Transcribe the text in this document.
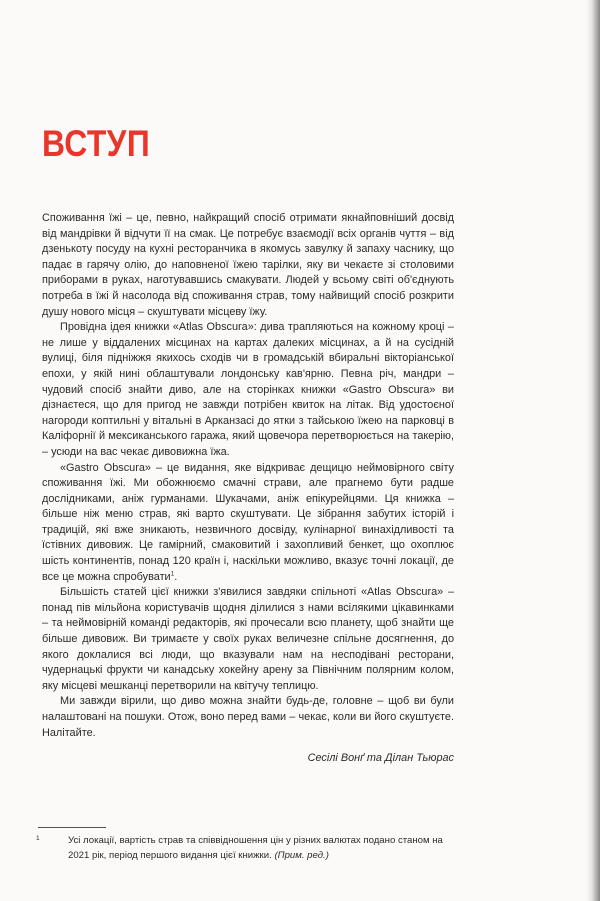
ВСТУП

Споживання їжі – це, певно, найкращий спосіб отримати якнайповніший досвід від мандрівки й відчути її на смак. Це потребує взаємодії всіх органів чуття – від дзенькоту посуду на кухні ресторанчика в якомусь завулку й запаху часнику, що падає в гарячу олію, до наповненої їжею тарілки, яку ви чекаєте зі столовими приборами в руках, наготувавшись смакувати. Людей у всьому світі об'єднують потреба в їжі й насолода від споживання страв, тому найвищий спосіб розкрити душу нового місця – скуштувати місцеву їжу.

Провідна ідея книжки «Atlas Obscura»: дива трапляються на кожному кроці – не лише у віддалених місцинах на картах далеких місцинах, а й на сусідній вулиці, біля підніжжя якихось сходів чи в громадській вбиральні вікторіанської епохи, у якій нині облаштували лондонську кав'ярню. Певна річ, мандри – чудовий спосіб знайти диво, але на сторінках книжки «Gastro Obscura» ви дізнаєтеся, що для пригод не завжди потрібен квиток на літак. Від удостоєної нагороди коптильні у вітальні в Арканзасі до ятки з тайською їжею на парковці в Каліфорнії й мексиканського гаража, який щовечора перетворюється на такерію, – усюди на вас чекає дивовижна їжа.

«Gastro Obscura» – це видання, яке відкриває дещицю неймовірного світу споживання їжі. Ми обожнюємо смачні страви, але прагнемо бути радше дослідниками, аніж гурманами. Шукачами, аніж епікурейцями. Ця книжка – більше ніж меню страв, які варто скуштувати. Це зібрання забутих історій і традицій, які вже зникають, незвичного досвіду, кулінарної винахідливості та їстівних дивовиж. Це гамірний, смаковитий і захопливий бенкет, що охоплює шість континентів, понад 120 країн і, наскільки можливо, вказує точні локації, де все це можна спробувати$^1$.

Більшість статей цієї книжки з'явилися завдяки спільноті «Atlas Obscura» – понад пів мільйона користувачів щодня ділилися з нами всілякими цікавинками – та неймовірній команді редакторів, які прочесали всю планету, щоб знайти ще більше дивовиж. Ви тримаєте у своїх руках величезне спільне досягнення, до якого доклалися всі люди, що вказували нам на несподівані ресторани, чудернацькі фрукти чи канадську хокейну арену за Північним полярним колом, яку місцеві мешканці перетворили на квітучу теплицю.

Ми завжди вірили, що диво можна знайти будь-де, головне – щоб ви були налаштовані на пошуки. Отож, воно перед вами – чекає, коли ви його скуштуєте. Налітайте.

Сесілі Вонґ та Ділан Тьюрас

1	Усі локації, вартість страв та співвідношення цін у різних валютах подано станом на 2021 рік, період першого видання цієї книжки. (Прим. ред.)
